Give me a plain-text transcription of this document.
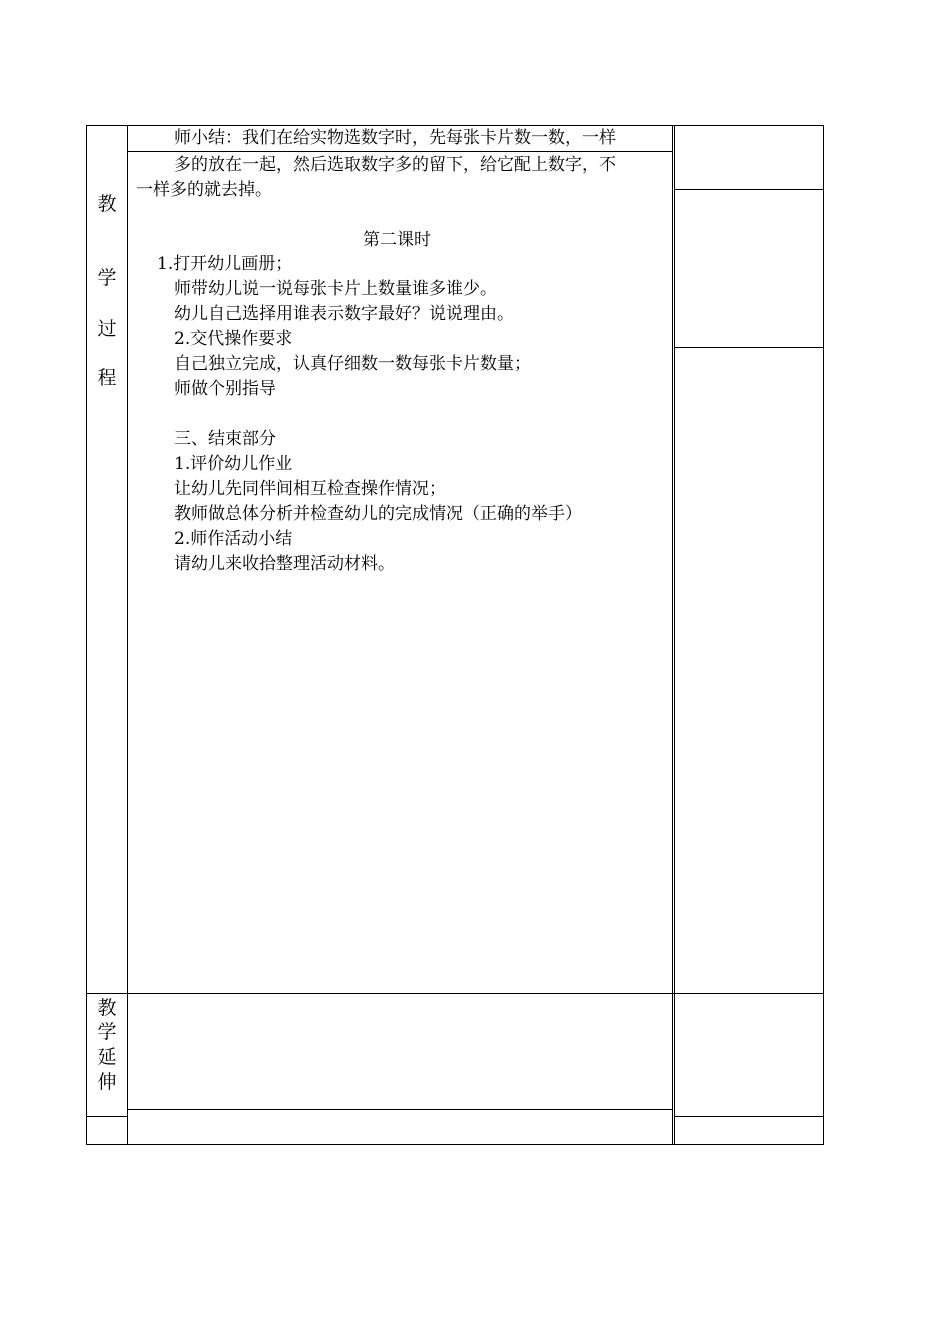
教
学
过
程
教
学
延
伸
师小结：我们在给实物选数字时，先每张卡片数一数，一样
多的放在一起，然后选取数字多的留下，给它配上数字，不
一样多的就去掉。
第二课时
1.打开幼儿画册；
师带幼儿说一说每张卡片上数量谁多谁少。
幼儿自己选择用谁表示数字最好？说说理由。
2.交代操作要求
自己独立完成，认真仔细数一数每张卡片数量；
师做个别指导
三、结束部分
1.评价幼儿作业
让幼儿先同伴间相互检查操作情况；
教师做总体分析并检查幼儿的完成情况（正确的举手）
2.师作活动小结
请幼儿来收拾整理活动材料。
